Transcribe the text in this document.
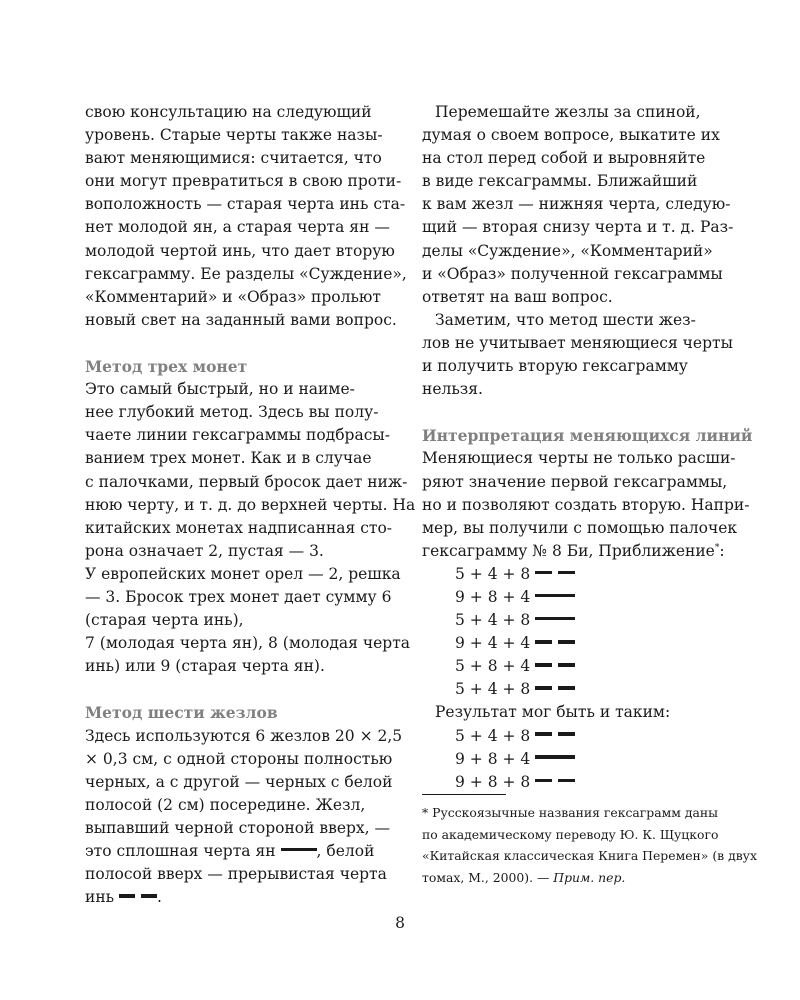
свою консультацию на следующий
уровень. Старые черты также назы-
вают меняющимися: считается, что
они могут превратиться в свою проти-
воположность — старая черта инь ста-
нет молодой ян, а старая черта ян —
молодой чертой инь, что дает вторую
гексаграмму. Ее разделы «Суждение»,
«Комментарий» и «Образ» прольют
новый свет на заданный вами вопрос.
Метод трех монет
Это самый быстрый, но и наиме-
нее глубокий метод. Здесь вы полу-
чаете линии гексаграммы подбрасы-
ванием трех монет. Как и в случае
с палочками, первый бросок дает ниж-
нюю черту, и т. д. до верхней черты. На
китайских монетах надписанная сто-
рона означает 2, пустая — 3.
У европейских монет орел — 2, решка
— 3. Бросок трех монет дает сумму 6
(старая черта инь),
7 (молодая черта ян), 8 (молодая черта
инь) или 9 (старая черта ян).
Метод шести жезлов
Здесь используются 6 жезлов 20 × 2,5
× 0,3 см, с одной стороны полностью
черных, а с другой — черных с белой
полосой (2 см) посередине. Жезл,
выпавший черной стороной вверх, —
это сплошная черта ян	, белой
полосой вверх — прерывистая черта
инь	.
Перемешайте жезлы за спиной,
думая о своем вопросе, выкатите их
на стол перед собой и выровняйте
в виде гексаграммы. Ближайший
к вам жезл — нижняя черта, следую-
щий — вторая снизу черта и т. д. Раз-
делы «Суждение», «Комментарий»
и «Образ» полученной гексаграммы
ответят на ваш вопрос.
Заметим, что метод шести жез-
лов не учитывает меняющиеся черты
и получить вторую гексаграмму
нельзя.
Интерпретация меняющихся линий
Меняющиеся черты не только расши-
ряют значение первой гексаграммы,
но и позволяют создать вторую. Напри-
мер, вы получили с помощью палочек
гексаграмму № 8 Би, Приближение*:
5 + 4 + 8
9 + 8 + 4
5 + 4 + 8
9 + 4 + 4
5 + 8 + 4
5 + 4 + 8
Результат мог быть и таким:
5 + 4 + 8
9 + 8 + 4
9 + 8 + 8
* Русскоязычные названия гексаграмм даны
по академическому переводу Ю. К. Щуцкого
«Китайская классическая Книга Перемен» (в двух
томах, М., 2000). — Прим. пер.
8
